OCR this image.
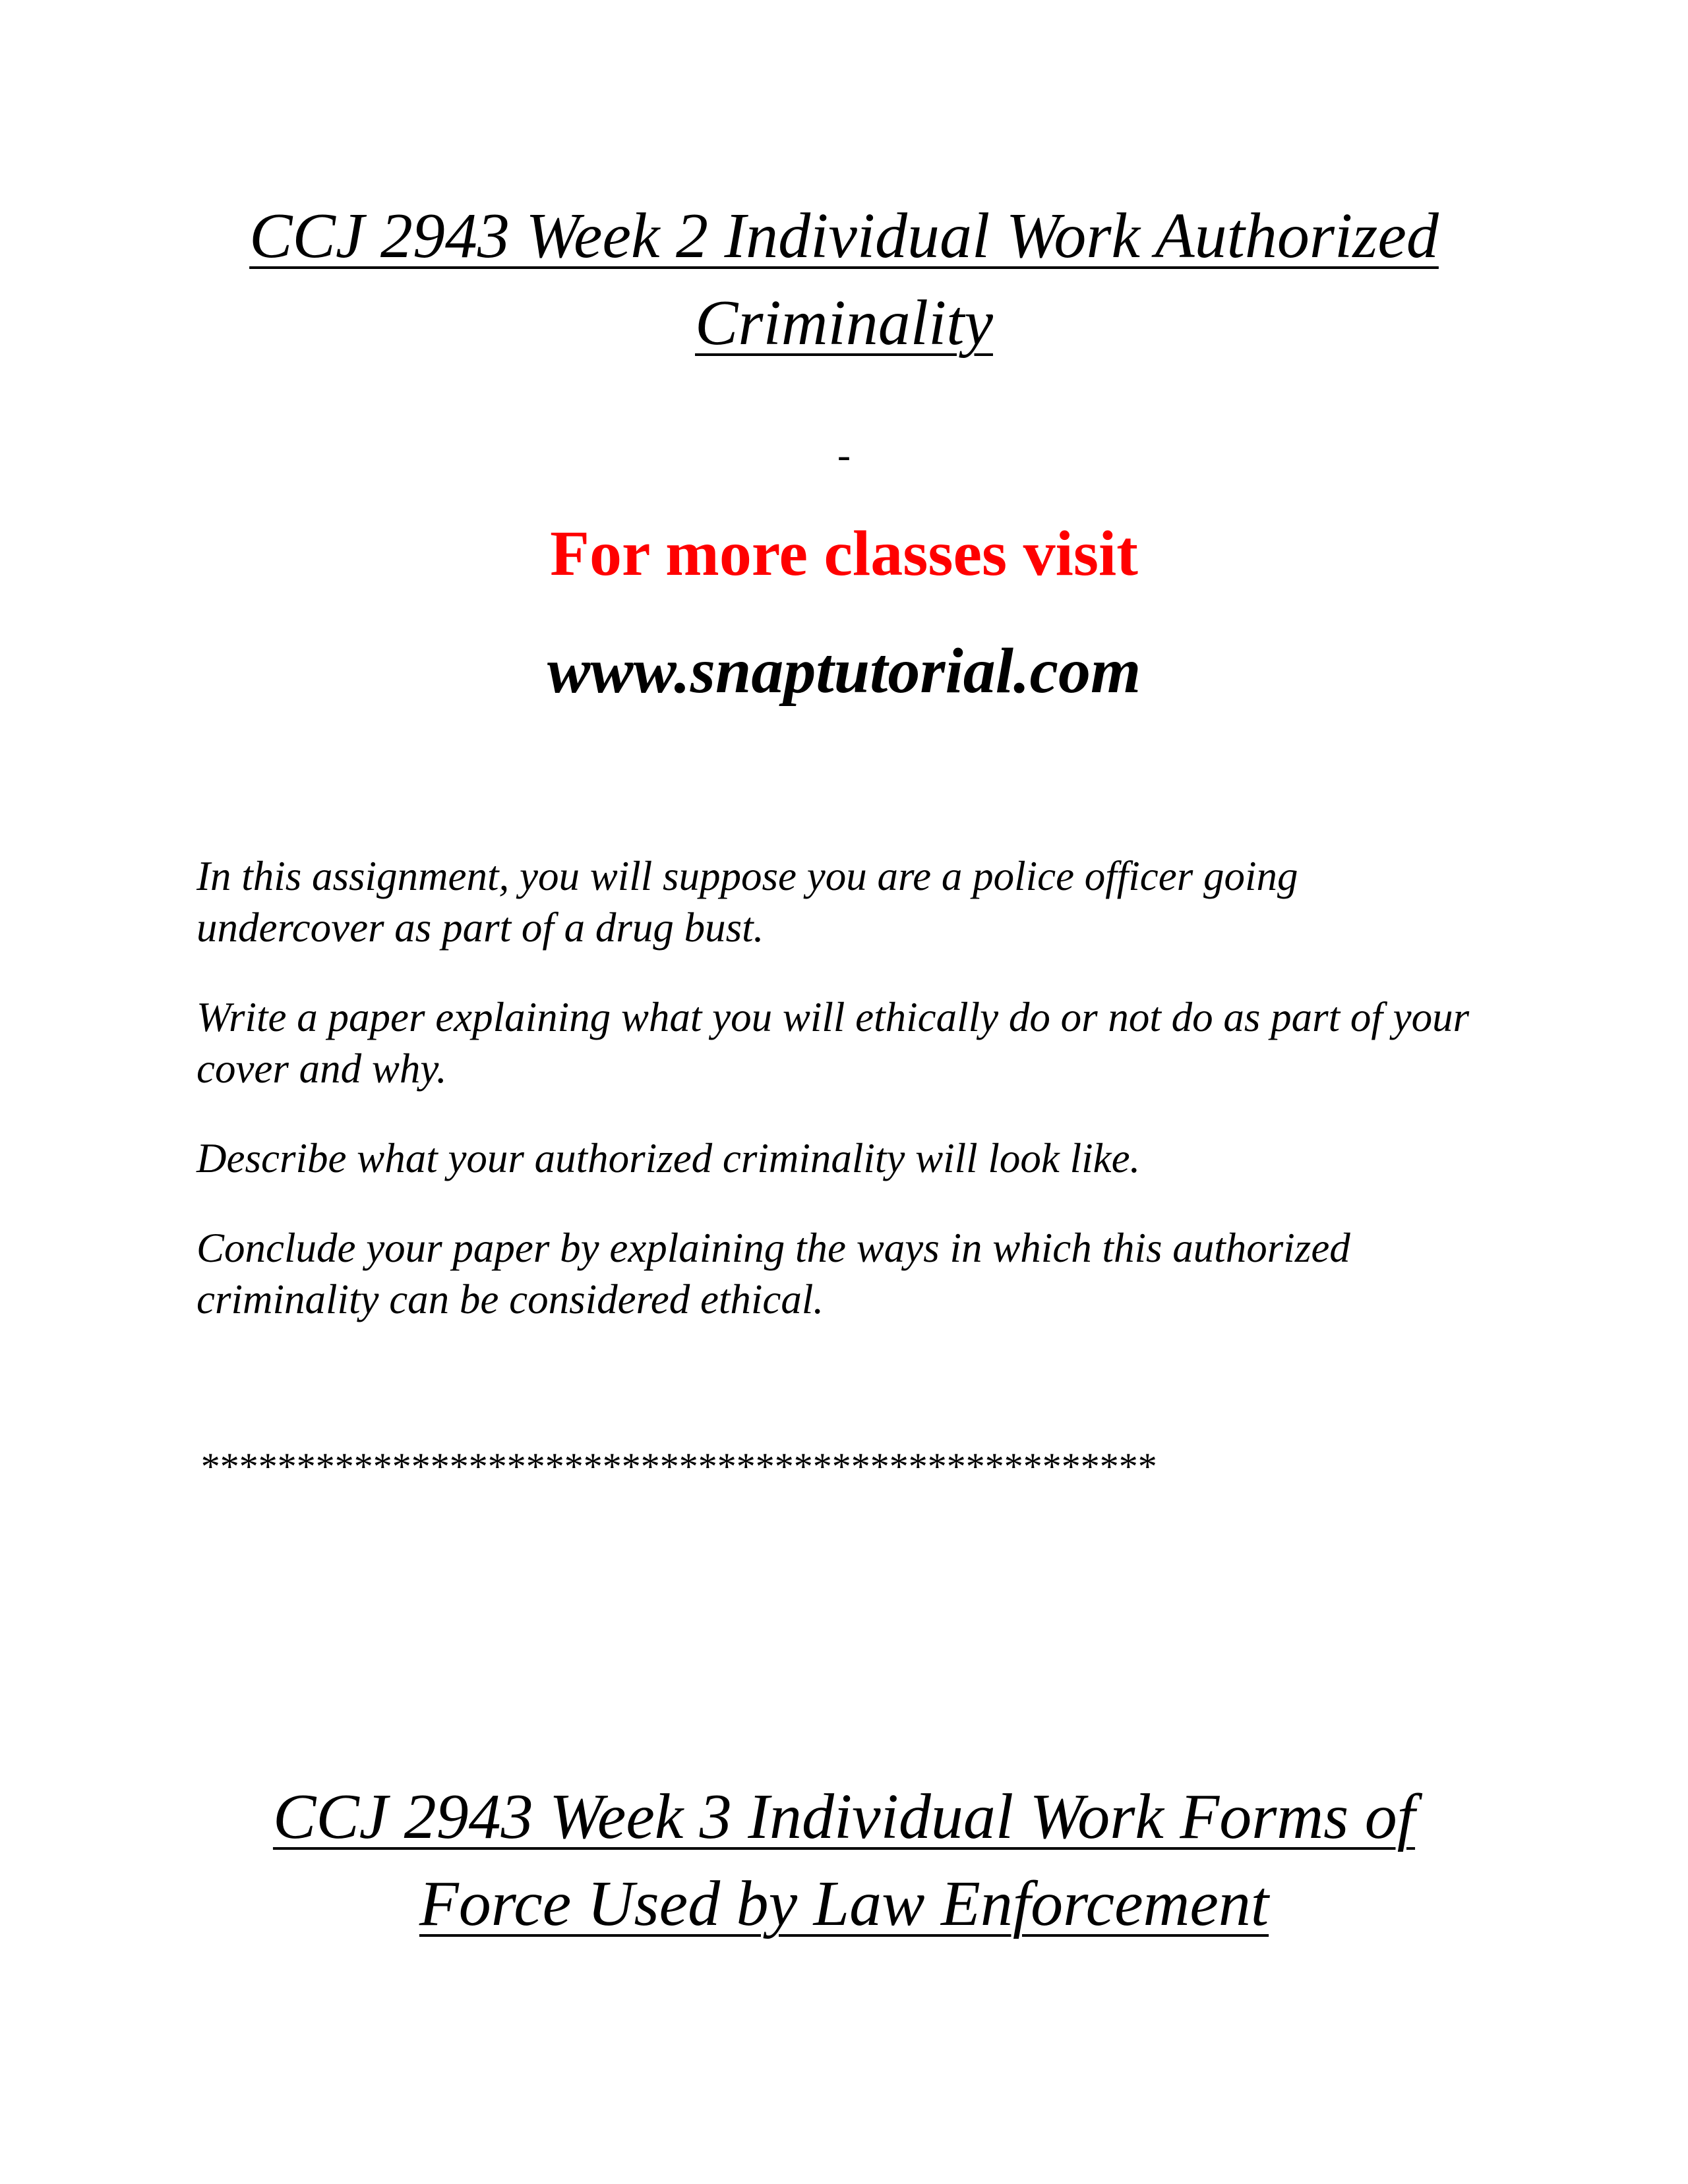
CCJ 2943 Week 2 Individual Work Authorized Criminality
-
For more classes visit
www.snaptutorial.com

In this assignment, you will suppose you are a police officer going undercover as part of a drug bust.

Write a paper explaining what you will ethically do or not do as part of your cover and why.

Describe what your authorized criminality will look like.

Conclude your paper by explaining the ways in which this authorized criminality can be considered ethical.

**************************************************
CCJ 2943 Week 3 Individual Work Forms of Force Used by Law Enforcement
